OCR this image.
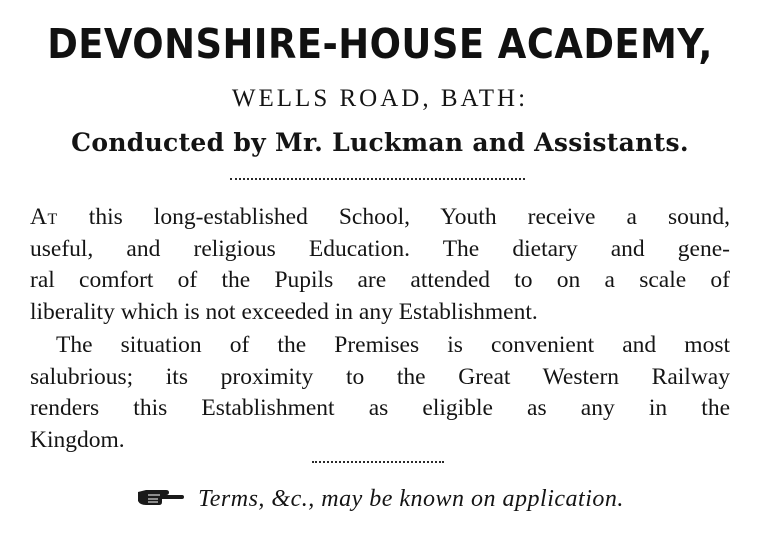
DEVONSHIRE-HOUSE ACADEMY,
WELLS ROAD, BATH:
Conducted by Mr. Luckman and Assistants.
At this long-established School, Youth receive a sound,
useful, and religious Education. The dietary and gene-
ral comfort of the Pupils are attended to on a scale of
liberality which is not exceeded in any Establishment.
The situation of the Premises is convenient and most
salubrious; its proximity to the Great Western Railway
renders this Establishment as eligible as any in the
Kingdom.
Terms, &c., may be known on application.
